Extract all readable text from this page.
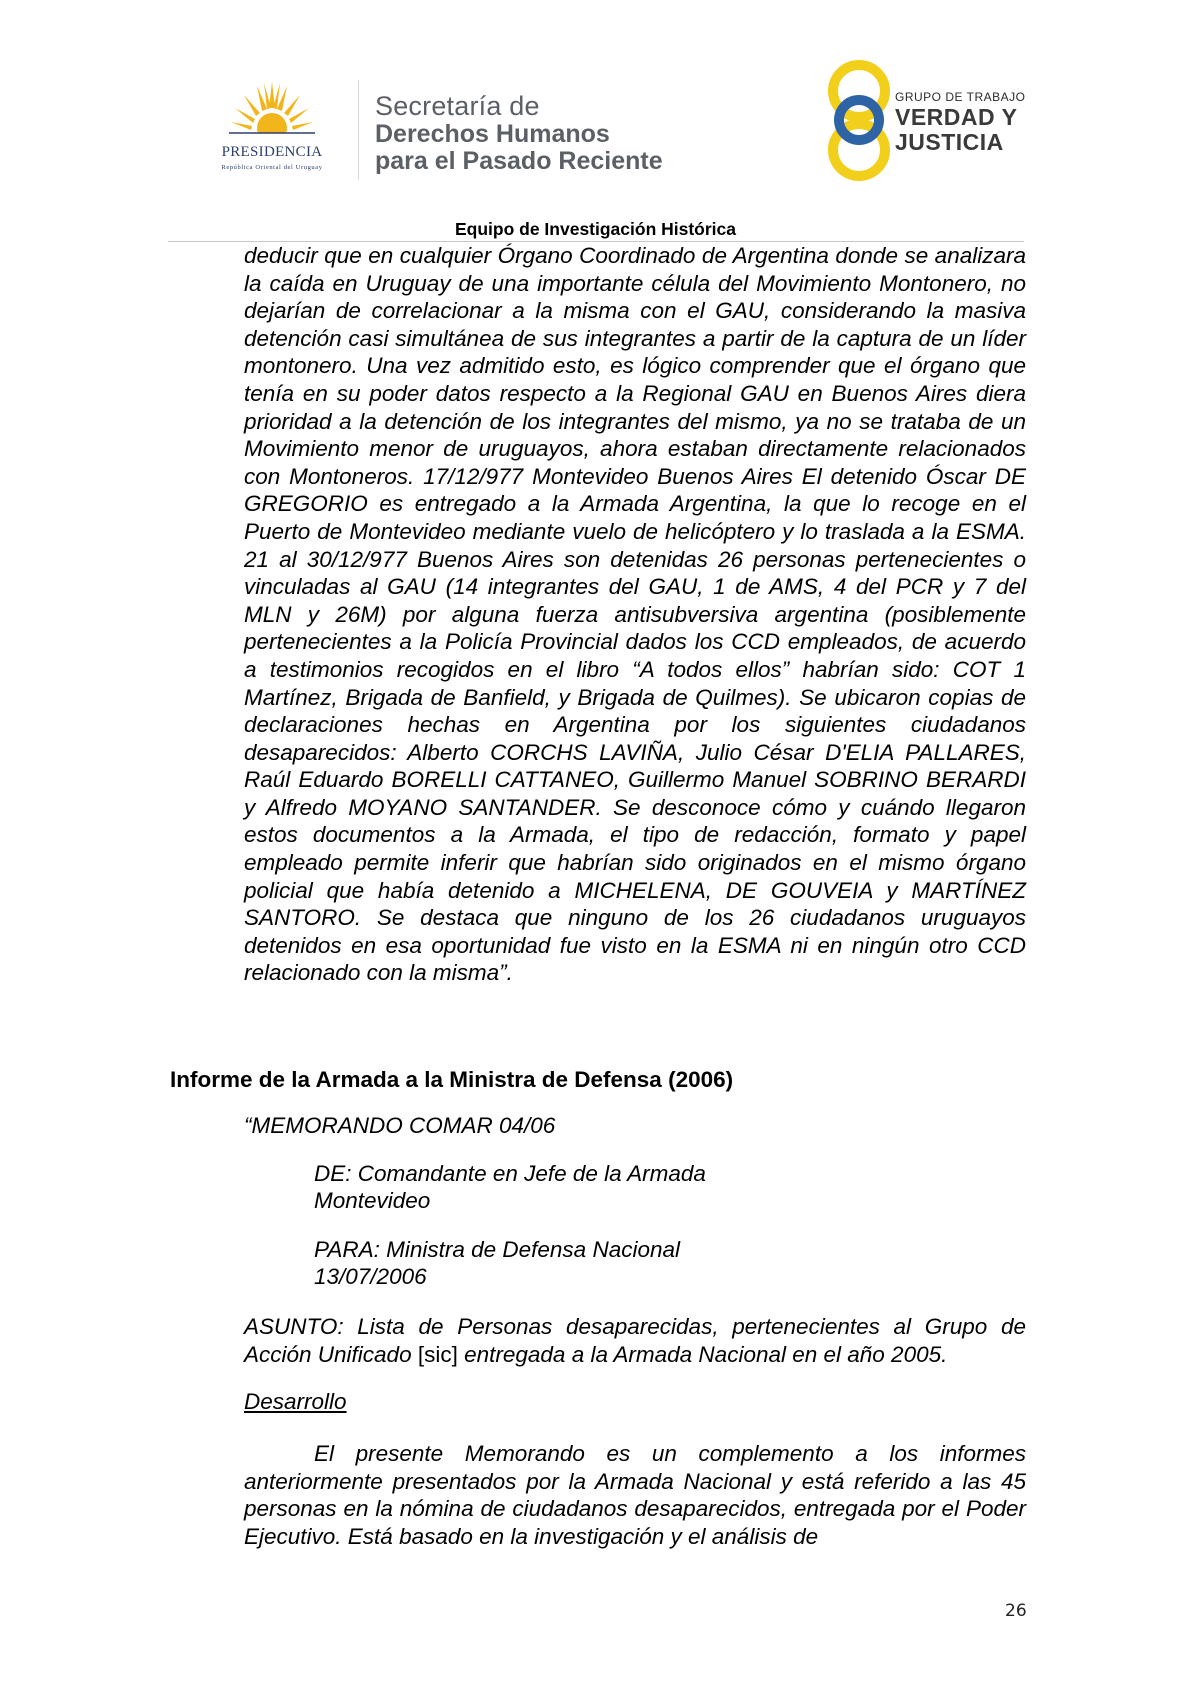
PRESIDENCIA
República Oriental del Uruguay
Secretaría de
Derechos Humanos
para el Pasado Reciente
GRUPO DE TRABAJO
VERDAD Y
JUSTICIA
Equipo de Investigación Histórica
deducir que en cualquier Órgano Coordinado de Argentina donde se analizara la caída en Uruguay de una importante célula del Movimiento Montonero, no dejarían de correlacionar a la misma con el GAU, considerando la masiva detención casi simultánea de sus integrantes a partir de la captura de un líder montonero. Una vez admitido esto, es lógico comprender que el órgano que tenía en su poder datos respecto a la Regional GAU en Buenos Aires diera prioridad a la detención de los integrantes del mismo, ya no se trataba de un Movimiento menor de uruguayos, ahora estaban directamente relacionados con Montoneros. 17/12/977 Montevideo Buenos Aires El detenido Óscar DE GREGORIO es entregado a la Armada Argentina, la que lo recoge en el Puerto de Montevideo mediante vuelo de helicóptero y lo traslada a la ESMA. 21 al 30/12/977 Buenos Aires son detenidas 26 personas pertenecientes o vinculadas al GAU (14 integrantes del GAU, 1 de AMS, 4 del PCR y 7 del MLN y 26M) por alguna fuerza antisubversiva argentina (posiblemente pertenecientes a la Policía Provincial dados los CCD empleados, de acuerdo a testimonios recogidos en el libro “A todos ellos” habrían sido: COT 1 Martínez, Brigada de Banfield, y Brigada de Quilmes). Se ubicaron copias de declaraciones hechas en Argentina por los siguientes ciudadanos desaparecidos: Alberto CORCHS LAVIÑA, Julio César D'ELIA PALLARES, Raúl Eduardo BORELLI CATTANEO, Guillermo Manuel SOBRINO BERARDI y Alfredo MOYANO SANTANDER. Se desconoce cómo y cuándo llegaron estos documentos a la Armada, el tipo de redacción, formato y papel empleado permite inferir que habrían sido originados en el mismo órgano policial que había detenido a MICHELENA, DE GOUVEIA y MARTÍNEZ SANTORO. Se destaca que ninguno de los 26 ciudadanos uruguayos detenidos en esa oportunidad fue visto en la ESMA ni en ningún otro CCD relacionado con la misma”.
Informe de la Armada a la Ministra de Defensa (2006)
“MEMORANDO COMAR 04/06
DE: Comandante en Jefe de la Armada
Montevideo
PARA: Ministra de Defensa Nacional
13/07/2006
ASUNTO: Lista de Personas desaparecidas, pertenecientes al Grupo de Acción Unificado [sic] entregada a la Armada Nacional en el año 2005.
Desarrollo
El presente Memorando es un complemento a los informes anteriormente presentados por la Armada Nacional y está referido a las 45 personas en la nómina de ciudadanos desaparecidos, entregada por el Poder Ejecutivo. Está basado en la investigación y el análisis de
26
